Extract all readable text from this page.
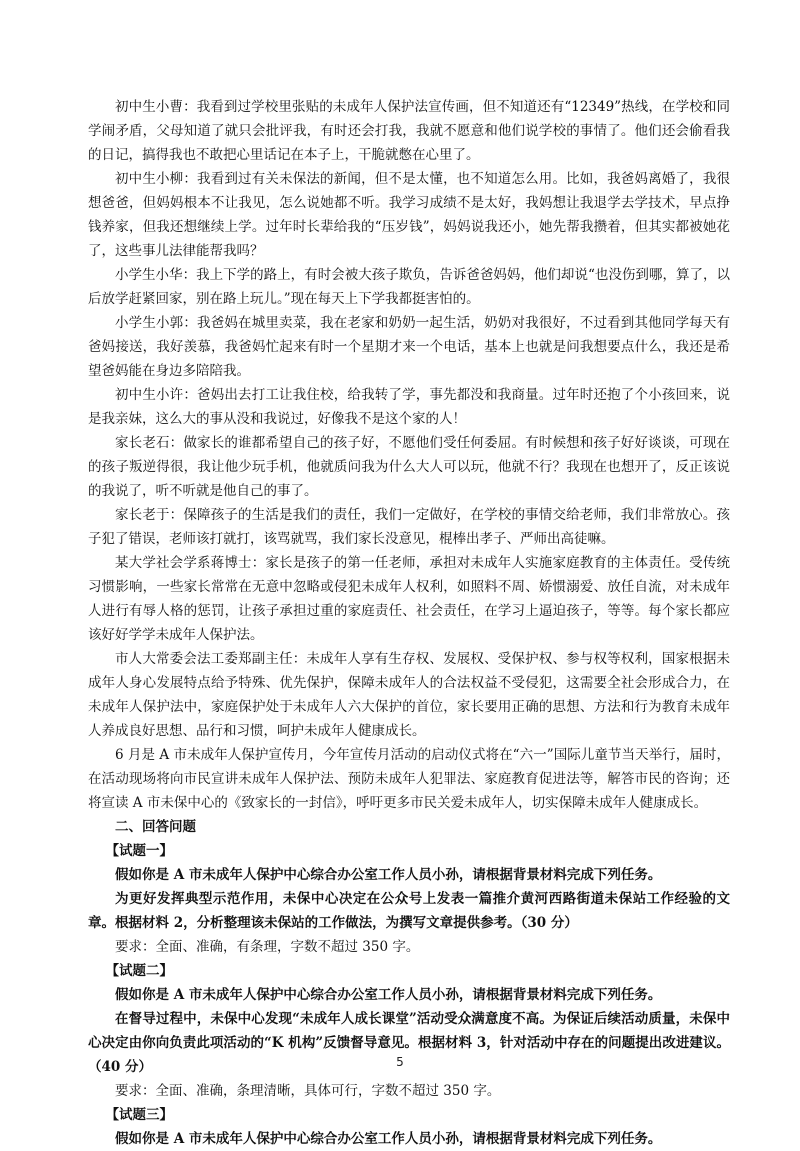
初中生小曹：我看到过学校里张贴的未成年人保护法宣传画，但不知道还有“12349”热线，在学校和同学闹矛盾，父母知道了就只会批评我，有时还会打我，我就不愿意和他们说学校的事情了。他们还会偷看我的日记，搞得我也不敢把心里话记在本子上，干脆就憋在心里了。

初中生小柳：我看到过有关未保法的新闻，但不是太懂，也不知道怎么用。比如，我爸妈离婚了，我很想爸爸，但妈妈根本不让我见，怎么说她都不听。我学习成绩不是太好，我妈想让我退学去学技术，早点挣钱养家，但我还想继续上学。过年时长辈给我的“压岁钱”，妈妈说我还小，她先帮我攒着，但其实都被她花了，这些事儿法律能帮我吗？

小学生小华：我上下学的路上，有时会被大孩子欺负，告诉爸爸妈妈，他们却说“也没伤到哪，算了，以后放学赶紧回家，别在路上玩儿。”现在每天上下学我都挺害怕的。

小学生小郭：我爸妈在城里卖菜，我在老家和奶奶一起生活，奶奶对我很好，不过看到其他同学每天有爸妈接送，我好羡慕，我爸妈忙起来有时一个星期才来一个电话，基本上也就是问我想要点什么，我还是希望爸妈能在身边多陪陪我。

初中生小许：爸妈出去打工让我住校，给我转了学，事先都没和我商量。过年时还抱了个小孩回来，说是我亲妹，这么大的事从没和我说过，好像我不是这个家的人！

家长老石：做家长的谁都希望自己的孩子好，不愿他们受任何委屈。有时候想和孩子好好谈谈，可现在的孩子叛逆得很，我让他少玩手机，他就质问我为什么大人可以玩，他就不行？我现在也想开了，反正该说的我说了，听不听就是他自己的事了。

家长老于：保障孩子的生活是我们的责任，我们一定做好，在学校的事情交给老师，我们非常放心。孩子犯了错误，老师该打就打，该骂就骂，我们家长没意见，棍棒出孝子、严师出高徒嘛。

某大学社会学系蒋博士：家长是孩子的第一任老师，承担对未成年人实施家庭教育的主体责任。受传统习惯影响，一些家长常常在无意中忽略或侵犯未成年人权利，如照料不周、娇惯溺爱、放任自流，对未成年人进行有辱人格的惩罚，让孩子承担过重的家庭责任、社会责任，在学习上逼迫孩子，等等。每个家长都应该好好学学未成年人保护法。

市人大常委会法工委郑副主任：未成年人享有生存权、发展权、受保护权、参与权等权利，国家根据未成年人身心发展特点给予特殊、优先保护，保障未成年人的合法权益不受侵犯，这需要全社会形成合力，在未成年人保护法中，家庭保护处于未成年人六大保护的首位，家长要用正确的思想、方法和行为教育未成年人养成良好思想、品行和习惯，呵护未成年人健康成长。

6 月是 A 市未成年人保护宣传月，今年宣传月活动的启动仪式将在“六一”国际儿童节当天举行，届时，在活动现场将向市民宣讲未成年人保护法、预防未成年人犯罪法、家庭教育促进法等，解答市民的咨询；还将宣读 A 市未保中心的《致家长的一封信》，呼吁更多市民关爱未成年人，切实保障未成年人健康成长。

二、回答问题

【试题一】

假如你是 A 市未成年人保护中心综合办公室工作人员小孙，请根据背景材料完成下列任务。

为更好发挥典型示范作用，未保中心决定在公众号上发表一篇推介黄河西路街道未保站工作经验的文章。根据材料 2，分析整理该未保站的工作做法，为撰写文章提供参考。（30 分）

要求：全面、准确，有条理，字数不超过 350 字。

【试题二】

假如你是 A 市未成年人保护中心综合办公室工作人员小孙，请根据背景材料完成下列任务。

在督导过程中，未保中心发现“未成年人成长课堂”活动受众满意度不高。为保证后续活动质量，未保中心决定由你向负责此项活动的“K 机构”反馈督导意见。根据材料 3，针对活动中存在的问题提出改进建议。（40 分）

要求：全面、准确，条理清晰，具体可行，字数不超过 350 字。

【试题三】

假如你是 A 市未成年人保护中心综合办公室工作人员小孙，请根据背景材料完成下列任务。

5
